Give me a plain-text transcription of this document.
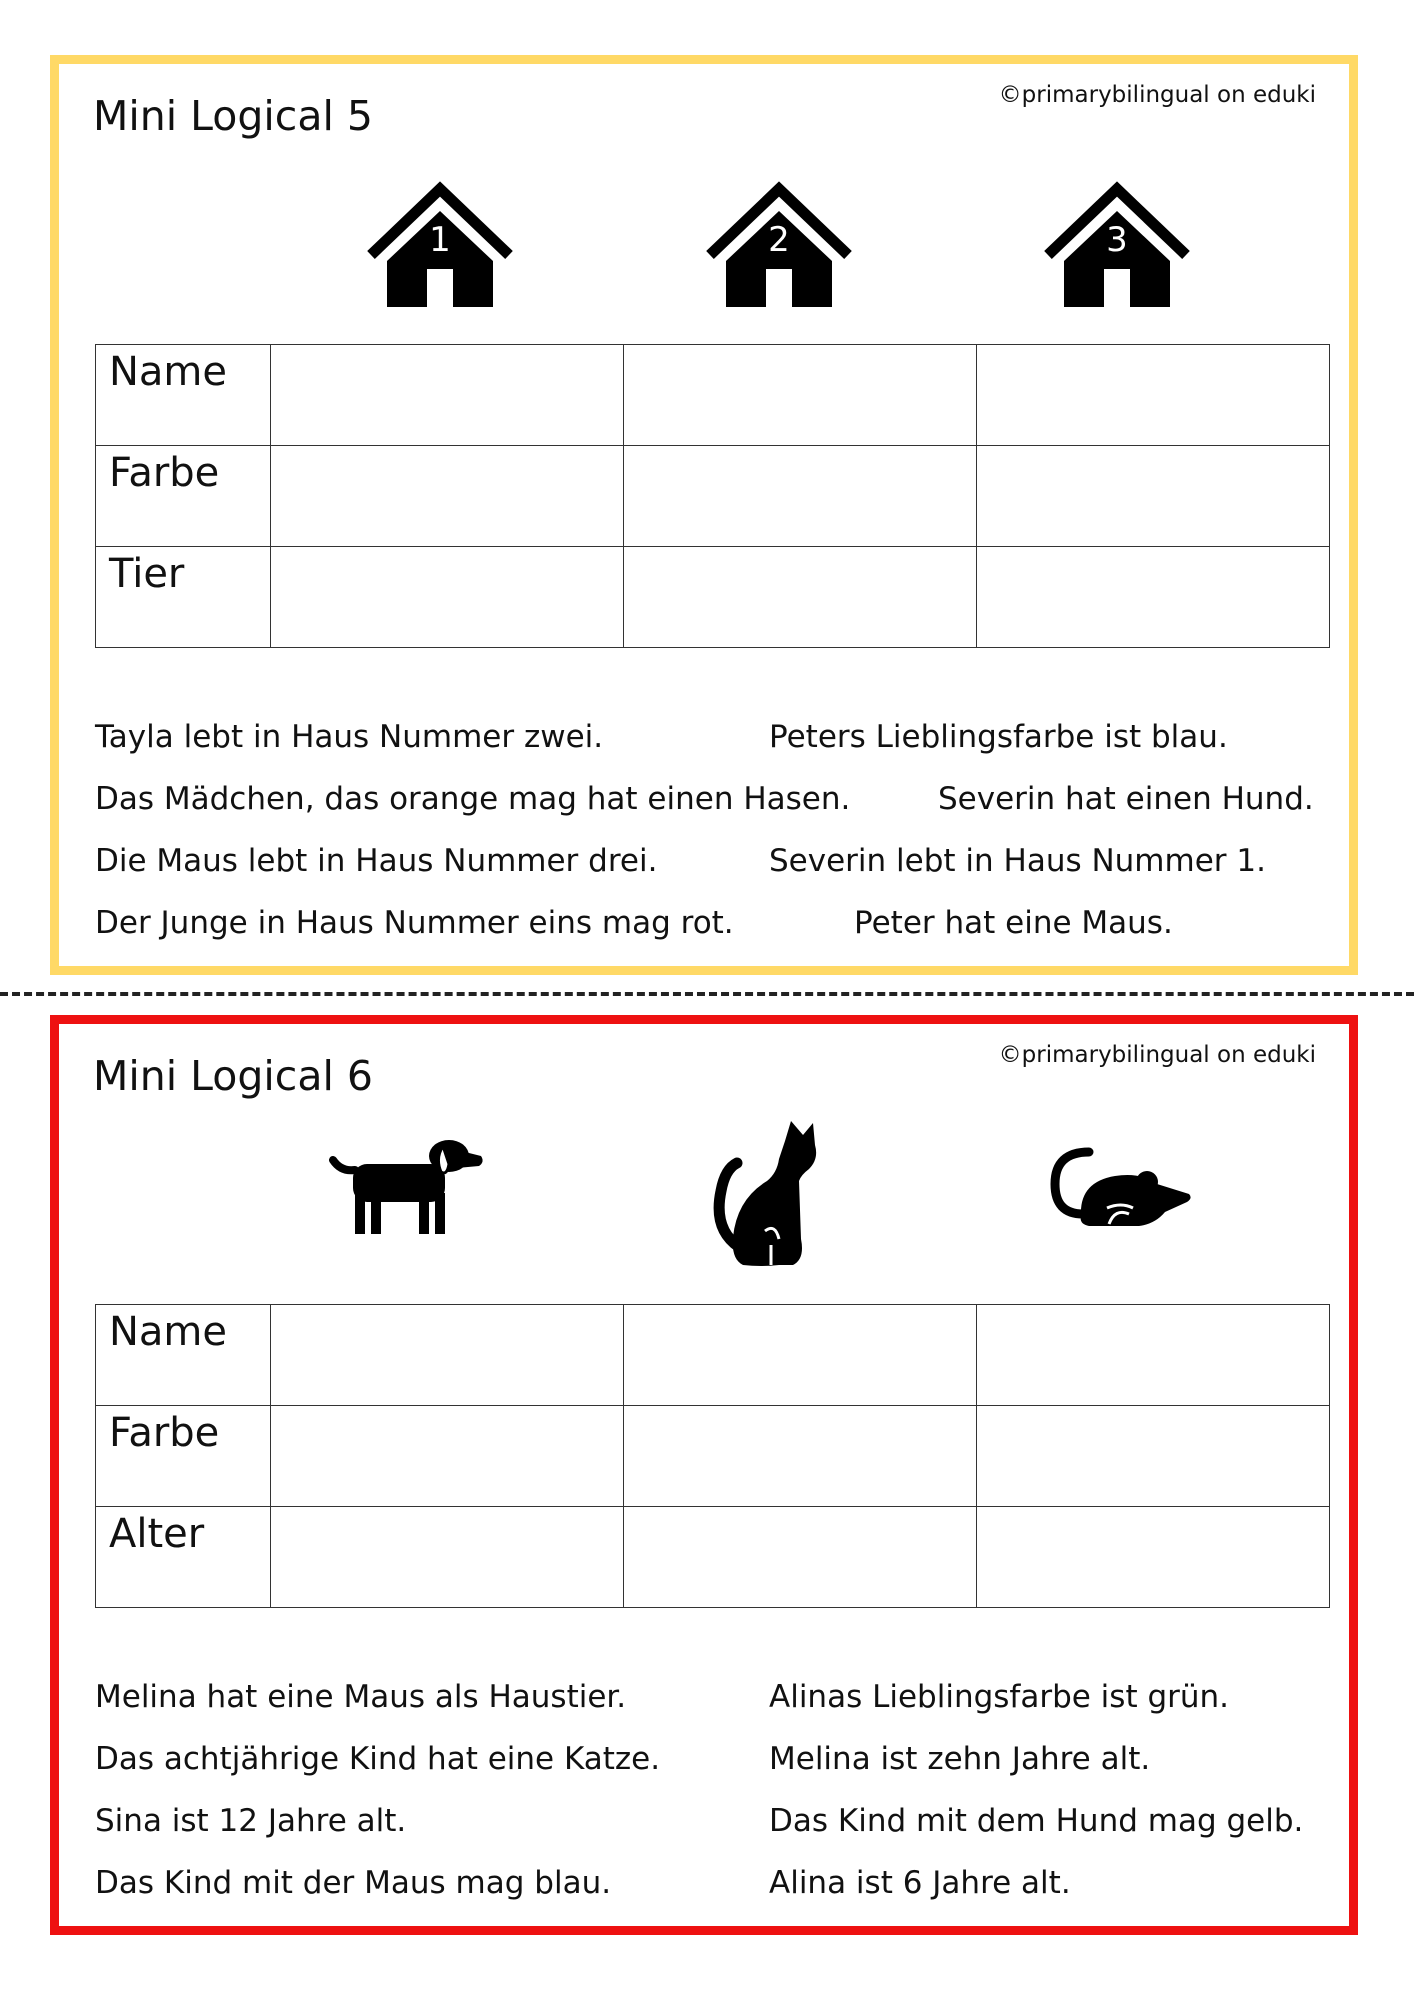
Mini Logical 5	©primarybilingual on eduki
1	2	3
Name			
Farbe			
Tier			
Tayla lebt in Haus Nummer zwei.	Peters Lieblingsfarbe ist blau.
Das Mädchen, das orange mag hat einen Hasen.	Severin hat einen Hund.
Die Maus lebt in Haus Nummer drei.	Severin lebt in Haus Nummer 1.
Der Junge in Haus Nummer eins mag rot.	Peter hat eine Maus.
Mini Logical 6	©primarybilingual on eduki
Name			
Farbe			
Alter			
Melina hat eine Maus als Haustier.	Alinas Lieblingsfarbe ist grün.
Das achtjährige Kind hat eine Katze.	Melina ist zehn Jahre alt.
Sina ist 12 Jahre alt.	Das Kind mit dem Hund mag gelb.
Das Kind mit der Maus mag blau.	Alina ist 6 Jahre alt.
